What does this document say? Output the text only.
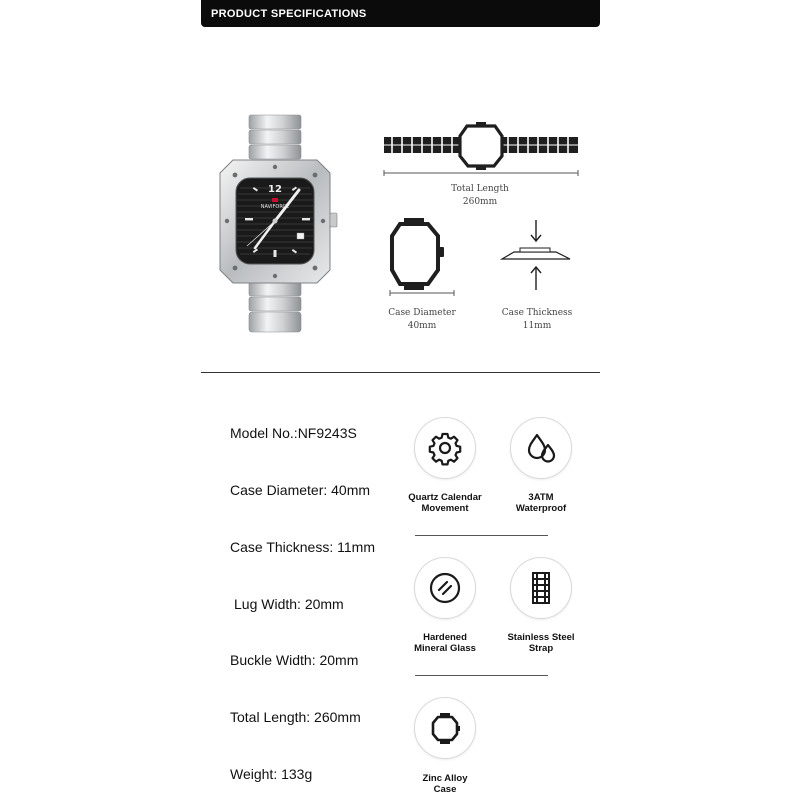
PRODUCT SPECIFICATIONS
12
NAVIFORCE
Total Length
260mm
Case Diameter
40mm
Case Thickness
11mm
Model No.:NF9243S
Case Diameter: 40mm
Case Thickness: 11mm
Lug Width: 20mm
Buckle Width: 20mm
Total Length: 260mm
Weight: 133g
Quartz Calendar
Movement
3ATM
Waterproof
Hardened
Mineral Glass
Stainless Steel
Strap
Zinc Alloy
Case
